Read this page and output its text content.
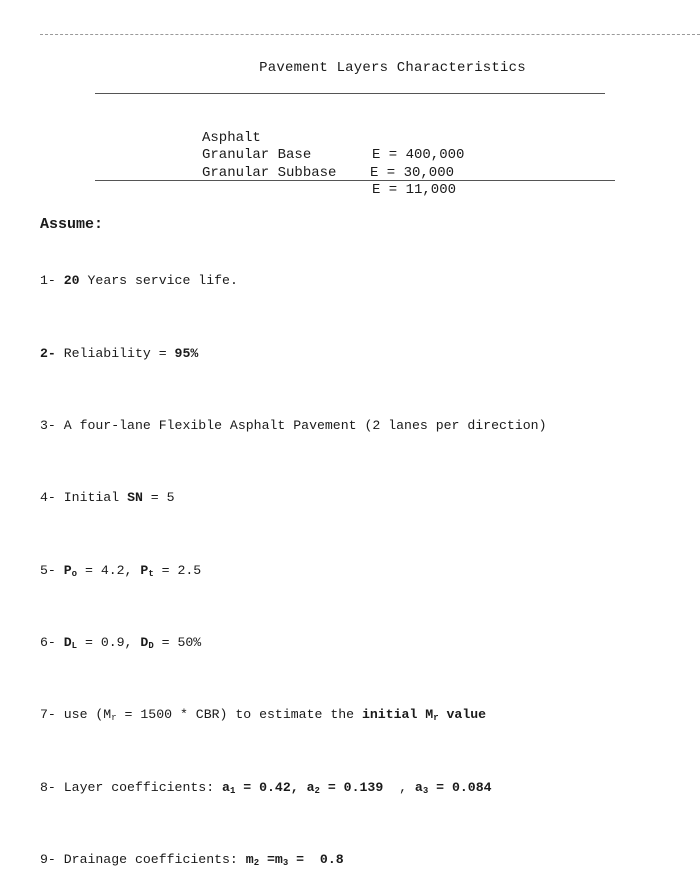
Pavement Layers Characteristics

Asphalt

E = 400,000

Granular Base

E = 30,000

Granular Subbase

E = 11,000

Assume:

1- 20 Years service life.

2- Reliability = 95%

3- A four-lane Flexible Asphalt Pavement (2 lanes per direction)

4- Initial SN = 5

5- $P_o = 4.2$, $P_t = 2.5$

6- $D_L = 0.9$, $D_D = 50\%$

7- use $(M_r = 1500 * CBR)$ to estimate the initial $M_r$ value

8- Layer coefficients: $a_1 = 0.42$, $a_2 = 0.139$  , $a_3 = 0.084$

9- Drainage coefficients: $m_2 =m_3 = 0.8$
